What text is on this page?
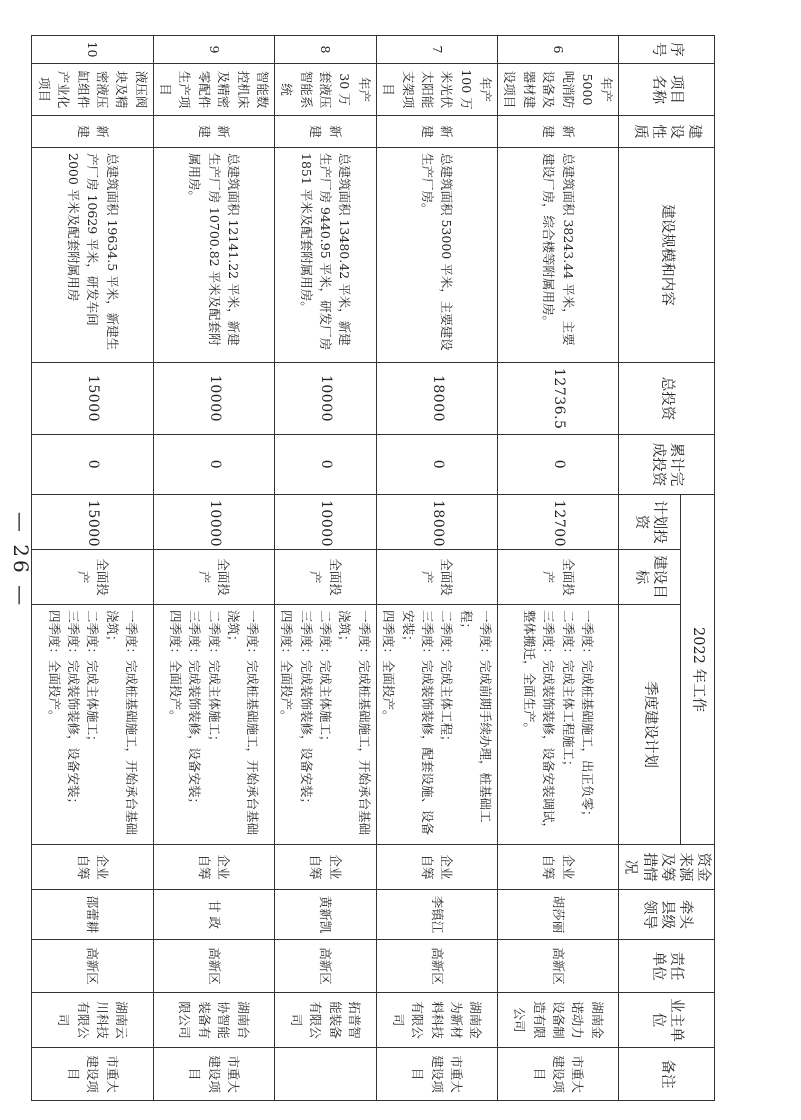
序号	项目名称	建设性质	建设规模和内容	总投资	累计完成投资	2022 年工作			资金来源及筹措情况	牵头县级领导	责任单位	业主单位	备注
						计划投资	建设目标	季度建设计划					
6	年产 5000 吨消防设备及器材建设项目	新建	总建筑面积 38243.44 平米，主要建设厂房，综合楼等附属用房。	12736.5	0	12700	全面投产	一季度：完成桩基础施工，出正负零；
二季度：完成主体工程施工；
三季度：完成装饰装修，设备安装调试，整体搬迁，全面生产。	企业自筹	胡莎丽	高新区	湖南金诺动力设备制造有限公司	市重大建设项目
7	年产 100 万米光伏太阳能支架项目	新建	总建筑面积 53000 平米，主要建设生产厂房。	18000	0	18000	全面投产	一季度：完成前期手续办理，桩基础工程；
二季度：完成主体工程；
三季度：完成装饰装修，配套设施、设备安装；
四季度：全面投产。	企业自筹	李镇江	高新区	湖南金为新材料科技有限公司	市重大建设项目
8	年产 30 万套液压智能系统	新建	总建筑面积 13480.42 平米，新建生产厂房 9440.95 平米，研发厂房 1851 平米及配套附属用房。	10000	0	10000	全面投产	一季度：完成桩基础施工，开始承台基础浇筑；
二季度：完成主体施工；
三季度：完成装饰装修，设备安装；
四季度：全面投产。	企业自筹	黄新凯	高新区	拓普智能装备有限公司	
9	智能数控机床及精密零配件生产项目	新建	总建筑面积 12141.22 平米，新建生产厂房 10700.82 平米及配套附属用房。	10000	0	10000	全面投产	一季度：完成桩基础施工，开始承台基础浇筑；
二季度：完成主体施工；
三季度：完成装饰装修，设备安装；
四季度：全面投产。	企业自筹	甘 政	高新区	湖南台协智能装备有限公司	市重大建设项目
10	液压阀块及精密液压缸组件产业化项目	新建	总建筑面积 19634.5 平米，新建生产厂房 10629 平米，研发车间 2000 平米及配套附属用房	15000	0	15000	全面投产	一季度：完成桩基础施工，开始承台基础浇筑；
二季度：完成主体施工；
三季度：完成装饰装修，设备安装；
四季度：全面投产。	企业自筹	邵蕾耕	高新区	湖南云川科技有限公司	市重大建设项目
— 26 —
